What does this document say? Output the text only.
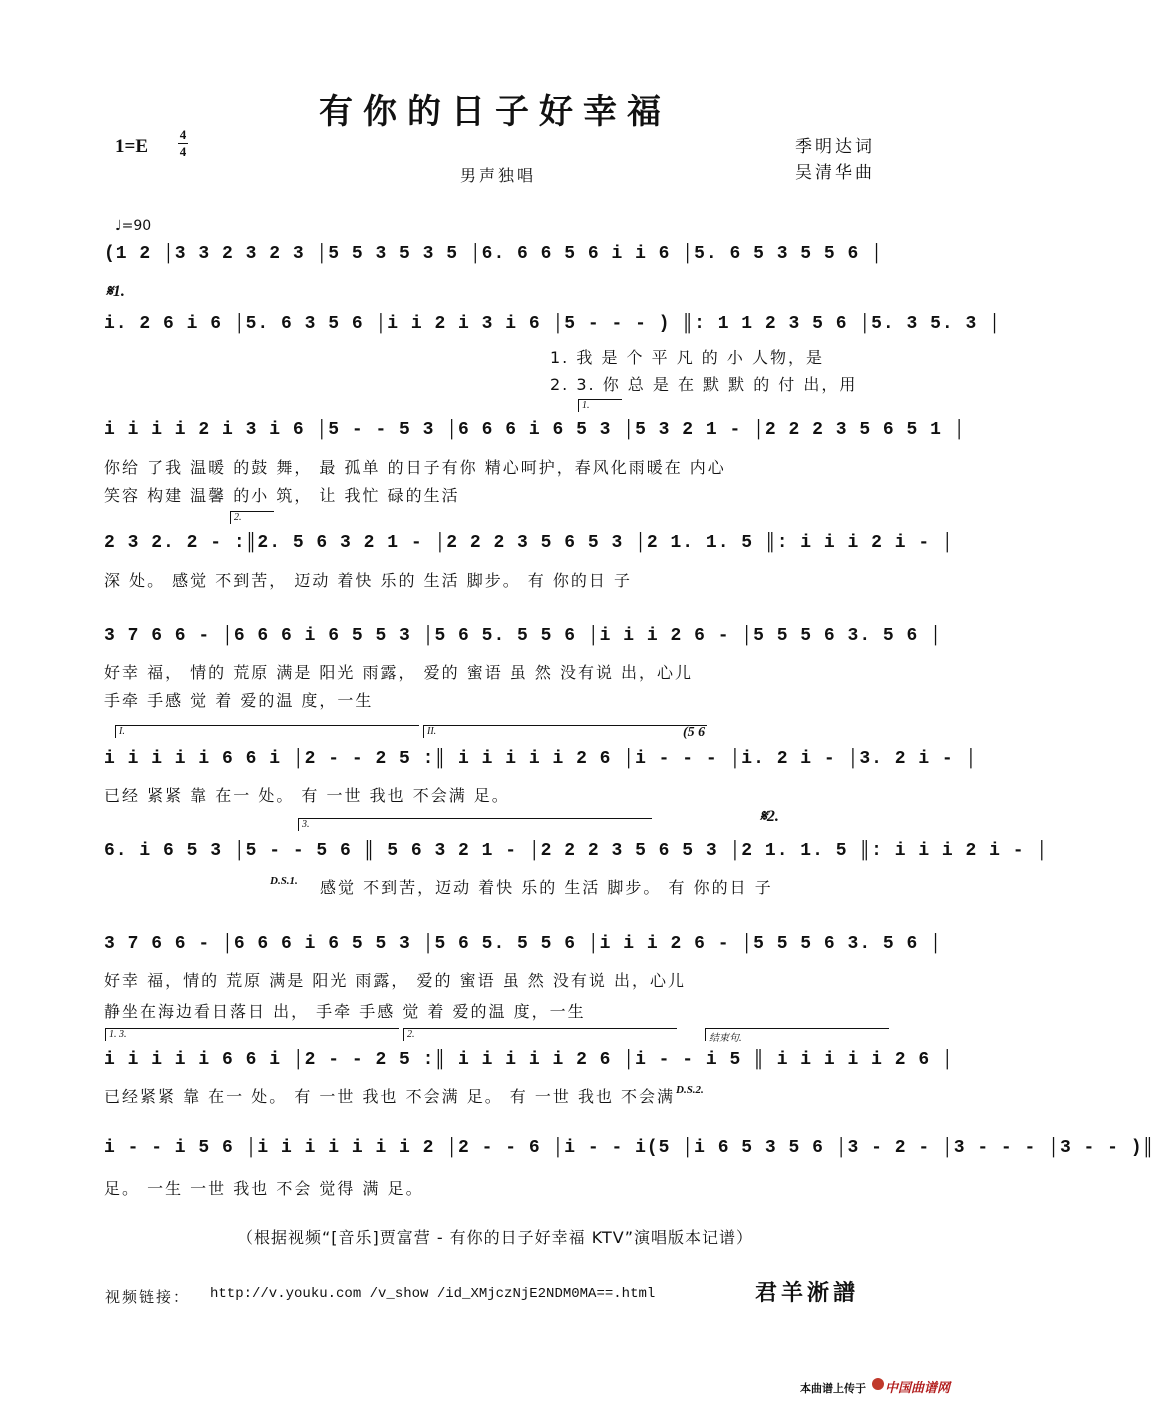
有你的日子好幸福
1=E
4
4	季明达词
吴清华曲
男声独唱
♩=90
(1 2 │3 3 2 3 2 3 │5 5 3 5 3 5 │6. 6 6 5 6 i i 6 │5. 6 5 3 5 5 6 │
𝄋1.
i. 2 6 i 6 │5. 6 3 5 6 │i i 2 i 3 i 6 │5 - - - ) ║: 1 1 2 3 5 6 │5. 3 5. 3 │
1. 我 是 个 平 凡 的 小 人物，是
2. 3. 你 总 是 在 默 默 的 付 出，用
1.
i i i i 2 i 3 i 6 │5 - - 5 3 │6 6 6 i 6 5 3 │5 3 2 1 - │2 2 2 3 5 6 5 1 │
你给 了我 温暖 的鼓 舞， 最 孤单 的日子有你 精心呵护，春风化雨暖在 内心
笑容 构建 温馨 的小 筑， 让 我忙 碌的生活
2.
2 3 2. 2 - :║2. 5 6 3 2 1 - │2 2 2 3 5 6 5 3 │2 1. 1. 5 ║: i i i 2 i - │
深 处。 感觉 不到苦， 迈动 着快 乐的 生活 脚步。 有 你的日 子
3 7 6 6 - │6 6 6 i 6 5 5 3 │5 6 5. 5 5 6 │i i i 2 6 - │5 5 5 6 3. 5 6 │
好幸 福， 情的 荒原 满是 阳光 雨露， 爱的 蜜语 虽 然 没有说 出，心儿
手牵 手感 觉 着 爱的温 度，一生
I.	II.	(5 6
i i i i i 6 6 i │2 - - 2 5 :║ i i i i i 2 6 │i - - - │i. 2 i - │3. 2 i - │
已经 紧紧 靠 在一 处。 有 一世 我也 不会满 足。
𝄋2.
3.
6. i 6 5 3 │5 - - 5 6 ║ 5 6 3 2 1 - │2 2 2 3 5 6 5 3 │2 1. 1. 5 ║: i i i 2 i - │
D.S.1. 感觉 不到苦，迈动 着快 乐的 生活 脚步。 有 你的日 子
3 7 6 6 - │6 6 6 i 6 5 5 3 │5 6 5. 5 5 6 │i i i 2 6 - │5 5 5 6 3. 5 6 │
好幸 福，情的 荒原 满是 阳光 雨露， 爱的 蜜语 虽 然 没有说 出，心儿
静坐在海边看日落日 出， 手牵 手感 觉 着 爱的温 度，一生
1. 3.	2.	结束句.
i i i i i 6 6 i │2 - - 2 5 :║ i i i i i 2 6 │i - - i 5 ║ i i i i i 2 6 │
D.S.2.
已经紧紧 靠 在一 处。 有 一世 我也 不会满 足。 有 一世 我也 不会满
i - - i 5 6 │i i i i i i i 2 │2 - - 6 │i - - i(5 │i 6 5 3 5 6 │3 - 2 - │3 - - - │3 - - )║
足。 一生 一世 我也 不会 觉得 满 足。
（根据视频“[音乐]贾富营 - 有你的日子好幸福 KTV”演唱版本记谱）
视频链接： http://v.youku.com /v_show /id_XMjczNjE2NDM0MA==.html	君羊淅譜
本曲谱上传于 中国曲谱网
